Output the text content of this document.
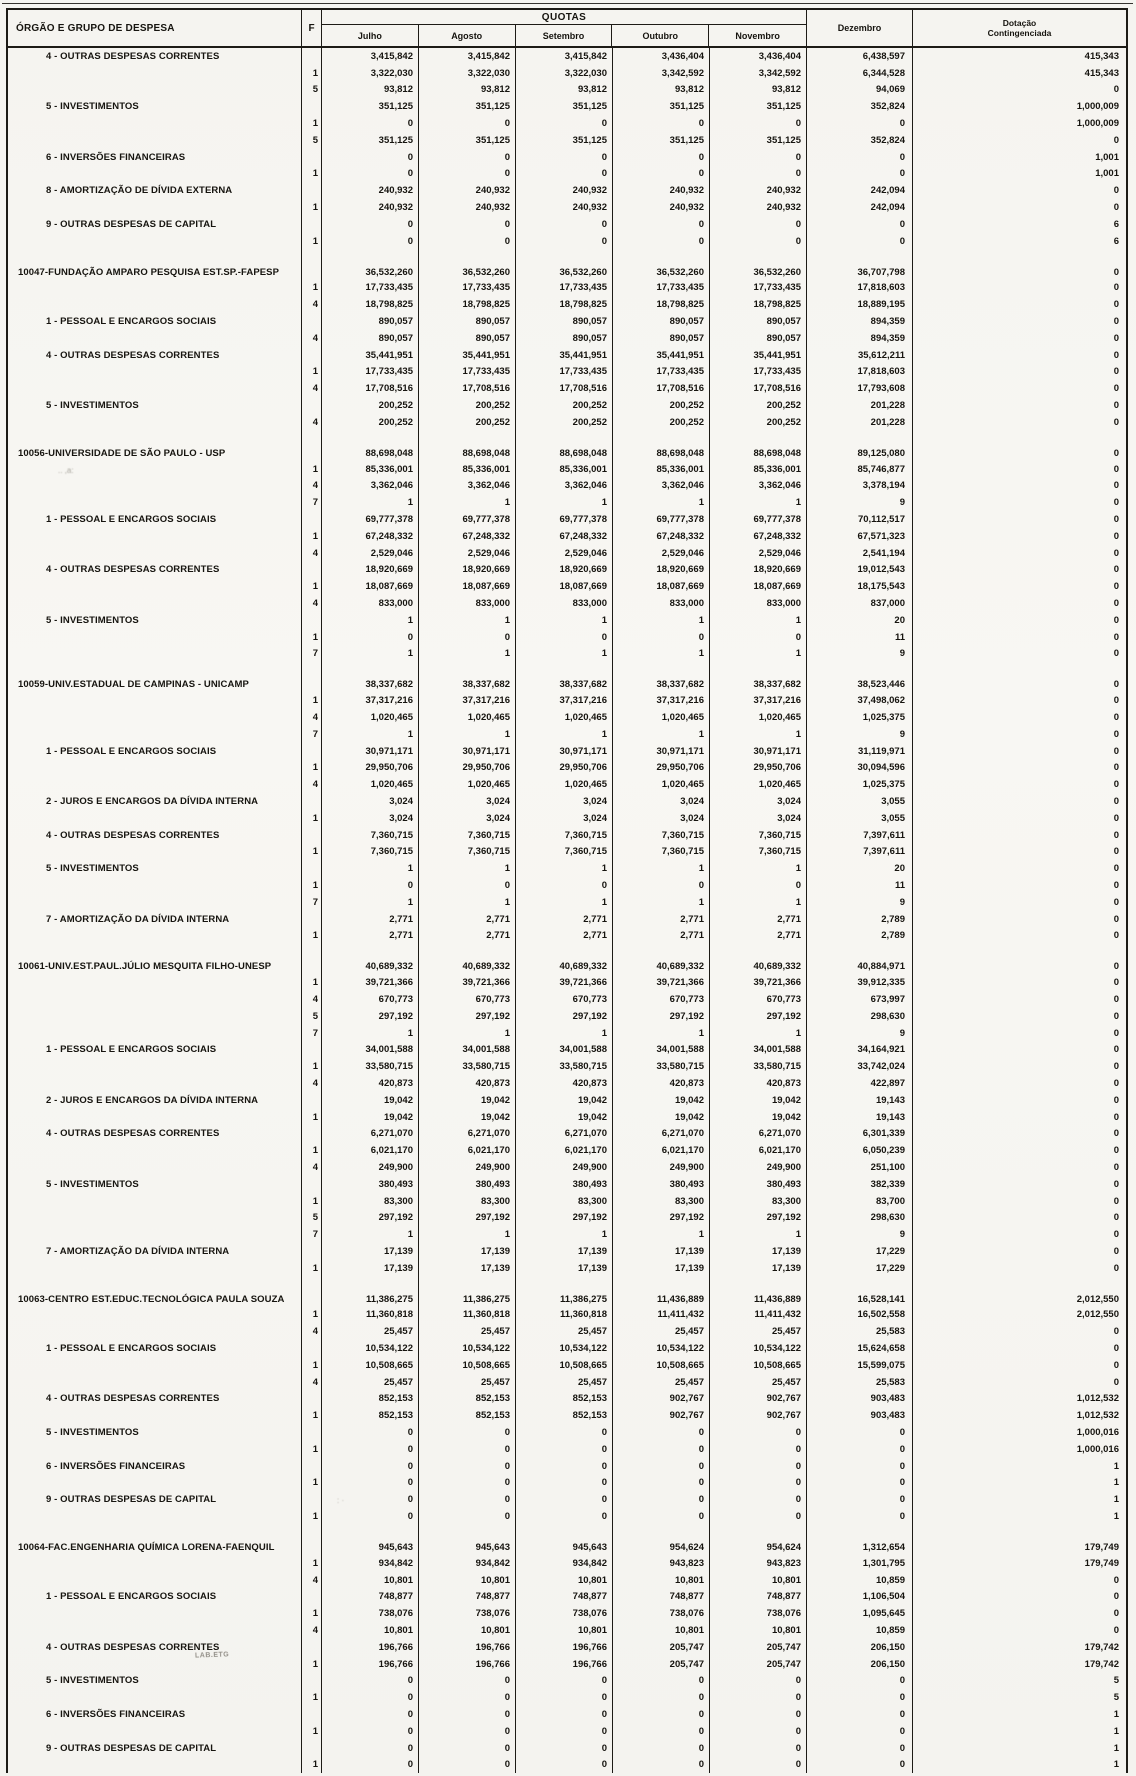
ÓRGÃO E GRUPO DE DESPESA	F
QUOTAS
Julho	Agosto	Setembro	Outubro	Novembro
Dezembro	Dotação
Contingenciada
4 - OUTRAS DESPESAS CORRENTES	3,415,842	3,415,842	3,415,842	3,436,404	3,436,404	6,438,597	415,343
1	3,322,030	3,322,030	3,322,030	3,342,592	3,342,592	6,344,528	415,343
5	93,812	93,812	93,812	93,812	93,812	94,069	0
5 - INVESTIMENTOS	351,125	351,125	351,125	351,125	351,125	352,824	1,000,009
1	0	0	0	0	0	0	1,000,009
5	351,125	351,125	351,125	351,125	351,125	352,824	0
6 - INVERSÕES FINANCEIRAS	0	0	0	0	0	0	1,001
1	0	0	0	0	0	0	1,001
8 - AMORTIZAÇÃO DE DÍVIDA EXTERNA	240,932	240,932	240,932	240,932	240,932	242,094	0
1	240,932	240,932	240,932	240,932	240,932	242,094	0
9 - OUTRAS DESPESAS DE CAPITAL	0	0	0	0	0	0	6
1	0	0	0	0	0	0	6
10047-FUNDAÇÃO AMPARO PESQUISA EST.SP.-FAPESP	36,532,260	36,532,260	36,532,260	36,532,260	36,532,260	36,707,798	0
1	17,733,435	17,733,435	17,733,435	17,733,435	17,733,435	17,818,603	0
4	18,798,825	18,798,825	18,798,825	18,798,825	18,798,825	18,889,195	0
1 - PESSOAL E ENCARGOS SOCIAIS	890,057	890,057	890,057	890,057	890,057	894,359	0
4	890,057	890,057	890,057	890,057	890,057	894,359	0
4 - OUTRAS DESPESAS CORRENTES	35,441,951	35,441,951	35,441,951	35,441,951	35,441,951	35,612,211	0
1	17,733,435	17,733,435	17,733,435	17,733,435	17,733,435	17,818,603	0
4	17,708,516	17,708,516	17,708,516	17,708,516	17,708,516	17,793,608	0
5 - INVESTIMENTOS	200,252	200,252	200,252	200,252	200,252	201,228	0
4	200,252	200,252	200,252	200,252	200,252	201,228	0
10056-UNIVERSIDADE DE SÃO PAULO - USP	88,698,048	88,698,048	88,698,048	88,698,048	88,698,048	89,125,080	0
1	85,336,001	85,336,001	85,336,001	85,336,001	85,336,001	85,746,877	0
4	3,362,046	3,362,046	3,362,046	3,362,046	3,362,046	3,378,194	0
7	1	1	1	1	1	9	0
1 - PESSOAL E ENCARGOS SOCIAIS	69,777,378	69,777,378	69,777,378	69,777,378	69,777,378	70,112,517	0
1	67,248,332	67,248,332	67,248,332	67,248,332	67,248,332	67,571,323	0
4	2,529,046	2,529,046	2,529,046	2,529,046	2,529,046	2,541,194	0
4 - OUTRAS DESPESAS CORRENTES	18,920,669	18,920,669	18,920,669	18,920,669	18,920,669	19,012,543	0
1	18,087,669	18,087,669	18,087,669	18,087,669	18,087,669	18,175,543	0
4	833,000	833,000	833,000	833,000	833,000	837,000	0
5 - INVESTIMENTOS	1	1	1	1	1	20	0
1	0	0	0	0	0	11	0
7	1	1	1	1	1	9	0
10059-UNIV.ESTADUAL DE CAMPINAS - UNICAMP	38,337,682	38,337,682	38,337,682	38,337,682	38,337,682	38,523,446	0
1	37,317,216	37,317,216	37,317,216	37,317,216	37,317,216	37,498,062	0
4	1,020,465	1,020,465	1,020,465	1,020,465	1,020,465	1,025,375	0
7	1	1	1	1	1	9	0
1 - PESSOAL E ENCARGOS SOCIAIS	30,971,171	30,971,171	30,971,171	30,971,171	30,971,171	31,119,971	0
1	29,950,706	29,950,706	29,950,706	29,950,706	29,950,706	30,094,596	0
4	1,020,465	1,020,465	1,020,465	1,020,465	1,020,465	1,025,375	0
2 - JUROS E ENCARGOS DA DÍVIDA INTERNA	3,024	3,024	3,024	3,024	3,024	3,055	0
1	3,024	3,024	3,024	3,024	3,024	3,055	0
4 - OUTRAS DESPESAS CORRENTES	7,360,715	7,360,715	7,360,715	7,360,715	7,360,715	7,397,611	0
1	7,360,715	7,360,715	7,360,715	7,360,715	7,360,715	7,397,611	0
5 - INVESTIMENTOS	1	1	1	1	1	20	0
1	0	0	0	0	0	11	0
7	1	1	1	1	1	9	0
7 - AMORTIZAÇÃO DA DÍVIDA INTERNA	2,771	2,771	2,771	2,771	2,771	2,789	0
1	2,771	2,771	2,771	2,771	2,771	2,789	0
10061-UNIV.EST.PAUL.JÚLIO MESQUITA FILHO-UNESP	40,689,332	40,689,332	40,689,332	40,689,332	40,689,332	40,884,971	0
1	39,721,366	39,721,366	39,721,366	39,721,366	39,721,366	39,912,335	0
4	670,773	670,773	670,773	670,773	670,773	673,997	0
5	297,192	297,192	297,192	297,192	297,192	298,630	0
7	1	1	1	1	1	9	0
1 - PESSOAL E ENCARGOS SOCIAIS	34,001,588	34,001,588	34,001,588	34,001,588	34,001,588	34,164,921	0
1	33,580,715	33,580,715	33,580,715	33,580,715	33,580,715	33,742,024	0
4	420,873	420,873	420,873	420,873	420,873	422,897	0
2 - JUROS E ENCARGOS DA DÍVIDA INTERNA	19,042	19,042	19,042	19,042	19,042	19,143	0
1	19,042	19,042	19,042	19,042	19,042	19,143	0
4 - OUTRAS DESPESAS CORRENTES	6,271,070	6,271,070	6,271,070	6,271,070	6,271,070	6,301,339	0
1	6,021,170	6,021,170	6,021,170	6,021,170	6,021,170	6,050,239	0
4	249,900	249,900	249,900	249,900	249,900	251,100	0
5 - INVESTIMENTOS	380,493	380,493	380,493	380,493	380,493	382,339	0
1	83,300	83,300	83,300	83,300	83,300	83,700	0
5	297,192	297,192	297,192	297,192	297,192	298,630	0
7	1	1	1	1	1	9	0
7 - AMORTIZAÇÃO DA DÍVIDA INTERNA	17,139	17,139	17,139	17,139	17,139	17,229	0
1	17,139	17,139	17,139	17,139	17,139	17,229	0
10063-CENTRO EST.EDUC.TECNOLÓGICA PAULA SOUZA	11,386,275	11,386,275	11,386,275	11,436,889	11,436,889	16,528,141	2,012,550
1	11,360,818	11,360,818	11,360,818	11,411,432	11,411,432	16,502,558	2,012,550
4	25,457	25,457	25,457	25,457	25,457	25,583	0
1 - PESSOAL E ENCARGOS SOCIAIS	10,534,122	10,534,122	10,534,122	10,534,122	10,534,122	15,624,658	0
1	10,508,665	10,508,665	10,508,665	10,508,665	10,508,665	15,599,075	0
4	25,457	25,457	25,457	25,457	25,457	25,583	0
4 - OUTRAS DESPESAS CORRENTES	852,153	852,153	852,153	902,767	902,767	903,483	1,012,532
1	852,153	852,153	852,153	902,767	902,767	903,483	1,012,532
5 - INVESTIMENTOS	0	0	0	0	0	0	1,000,016
1	0	0	0	0	0	0	1,000,016
6 - INVERSÕES FINANCEIRAS	0	0	0	0	0	0	1
1	0	0	0	0	0	0	1
9 - OUTRAS DESPESAS DE CAPITAL	0	0	0	0	0	0	1
1	0	0	0	0	0	0	1
10064-FAC.ENGENHARIA QUÍMICA LORENA-FAENQUIL	945,643	945,643	945,643	954,624	954,624	1,312,654	179,749
1	934,842	934,842	934,842	943,823	943,823	1,301,795	179,749
4	10,801	10,801	10,801	10,801	10,801	10,859	0
1 - PESSOAL E ENCARGOS SOCIAIS	748,877	748,877	748,877	748,877	748,877	1,106,504	0
1	738,076	738,076	738,076	738,076	738,076	1,095,645	0
4	10,801	10,801	10,801	10,801	10,801	10,859	0
4 - OUTRAS DESPESAS CORRENTES	196,766	196,766	196,766	205,747	205,747	206,150	179,742
1	196,766	196,766	196,766	205,747	205,747	206,150	179,742
5 - INVESTIMENTOS	0	0	0	0	0	0	5
1	0	0	0	0	0	0	5
6 - INVERSÕES FINANCEIRAS	0	0	0	0	0	0	1
1	0	0	0	0	0	0	1
9 - OUTRAS DESPESAS DE CAPITAL	0	0	0	0	0	0	1
1	0	0	0	0	0	0	1
LAB.ETG
.. ,a:
: ·
